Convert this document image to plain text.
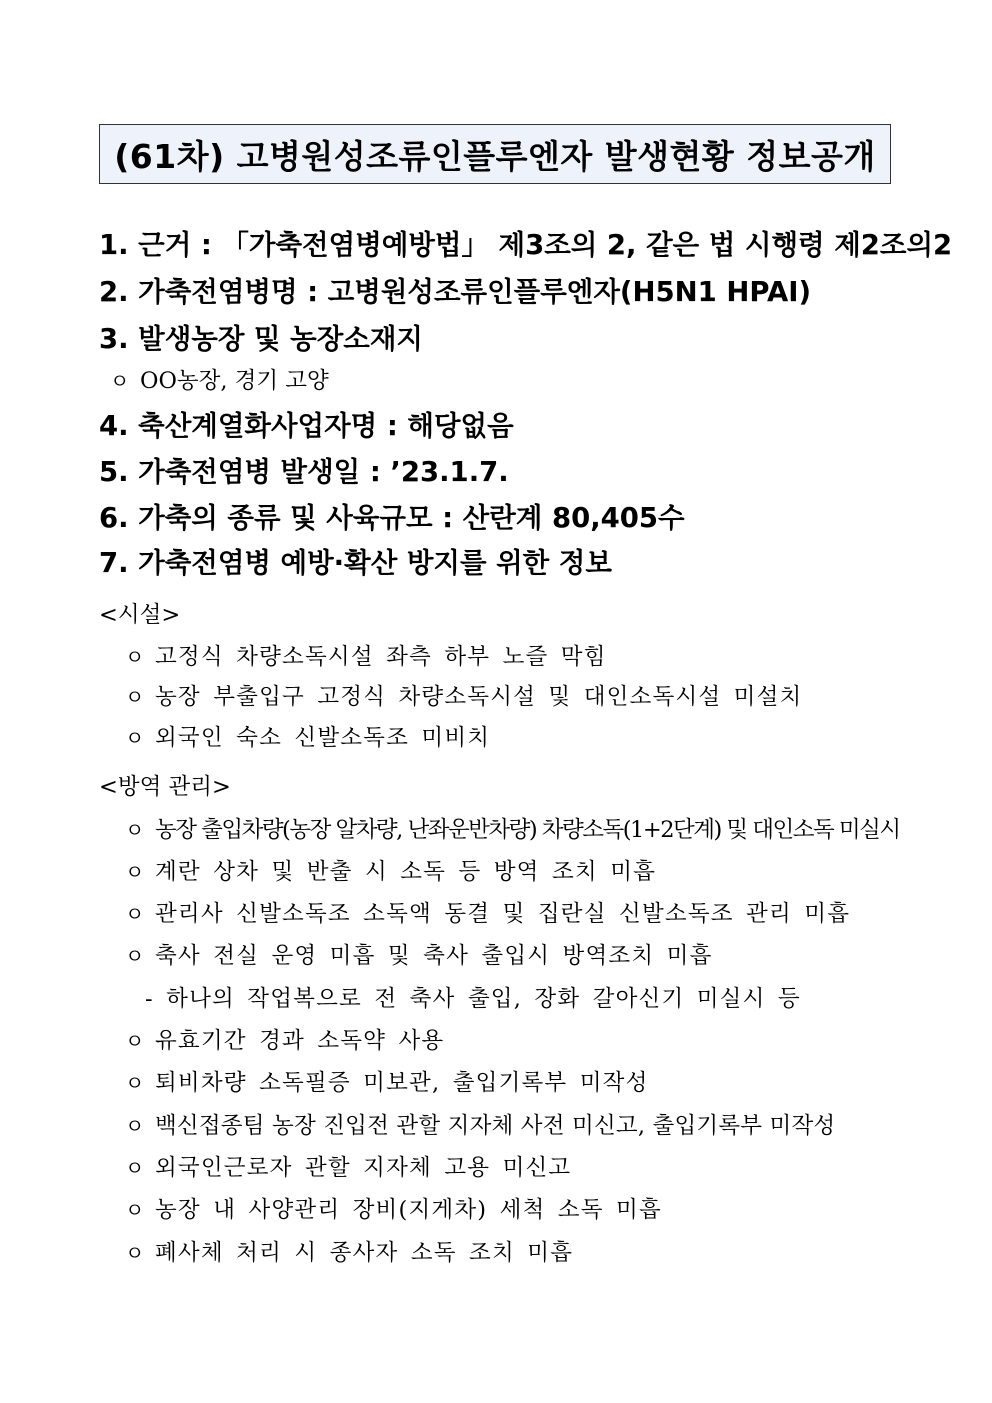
(61차) 고병원성조류인플루엔자 발생현황 정보공개
1. 근거 : 「가축전염병예방법」 제3조의 2, 같은 법 시행령 제2조의2
2. 가축전염병명 : 고병원성조류인플루엔자(H5N1 HPAI)
3. 발생농장 및 농장소재지
ㅇ OO농장, 경기 고양
4. 축산계열화사업자명 : 해당없음
5. 가축전염병 발생일 : ’23.1.7.
6. 가축의 종류 및 사육규모 : 산란계 80,405수
7. 가축전염병 예방·확산 방지를 위한 정보
<시설>
ㅇ 고정식 차량소독시설 좌측 하부 노즐 막힘
ㅇ 농장 부출입구 고정식 차량소독시설 및 대인소독시설 미설치
ㅇ 외국인 숙소 신발소독조 미비치
<방역 관리>
ㅇ 농장 출입차량(농장 알차량, 난좌운반차량) 차량소독(1+2단계) 및 대인소독 미실시
ㅇ 계란 상차 및 반출 시 소독 등 방역 조치 미흡
ㅇ 관리사 신발소독조 소독액 동결 및 집란실 신발소독조 관리 미흡
ㅇ 축사 전실 운영 미흡 및 축사 출입시 방역조치 미흡
- 하나의 작업복으로 전 축사 출입, 장화 갈아신기 미실시 등
ㅇ 유효기간 경과 소독약 사용
ㅇ 퇴비차량 소독필증 미보관, 출입기록부 미작성
ㅇ 백신접종팀 농장 진입전 관할 지자체 사전 미신고, 출입기록부 미작성
ㅇ 외국인근로자 관할 지자체 고용 미신고
ㅇ 농장 내 사양관리 장비(지게차) 세척 소독 미흡
ㅇ 폐사체 처리 시 종사자 소독 조치 미흡
